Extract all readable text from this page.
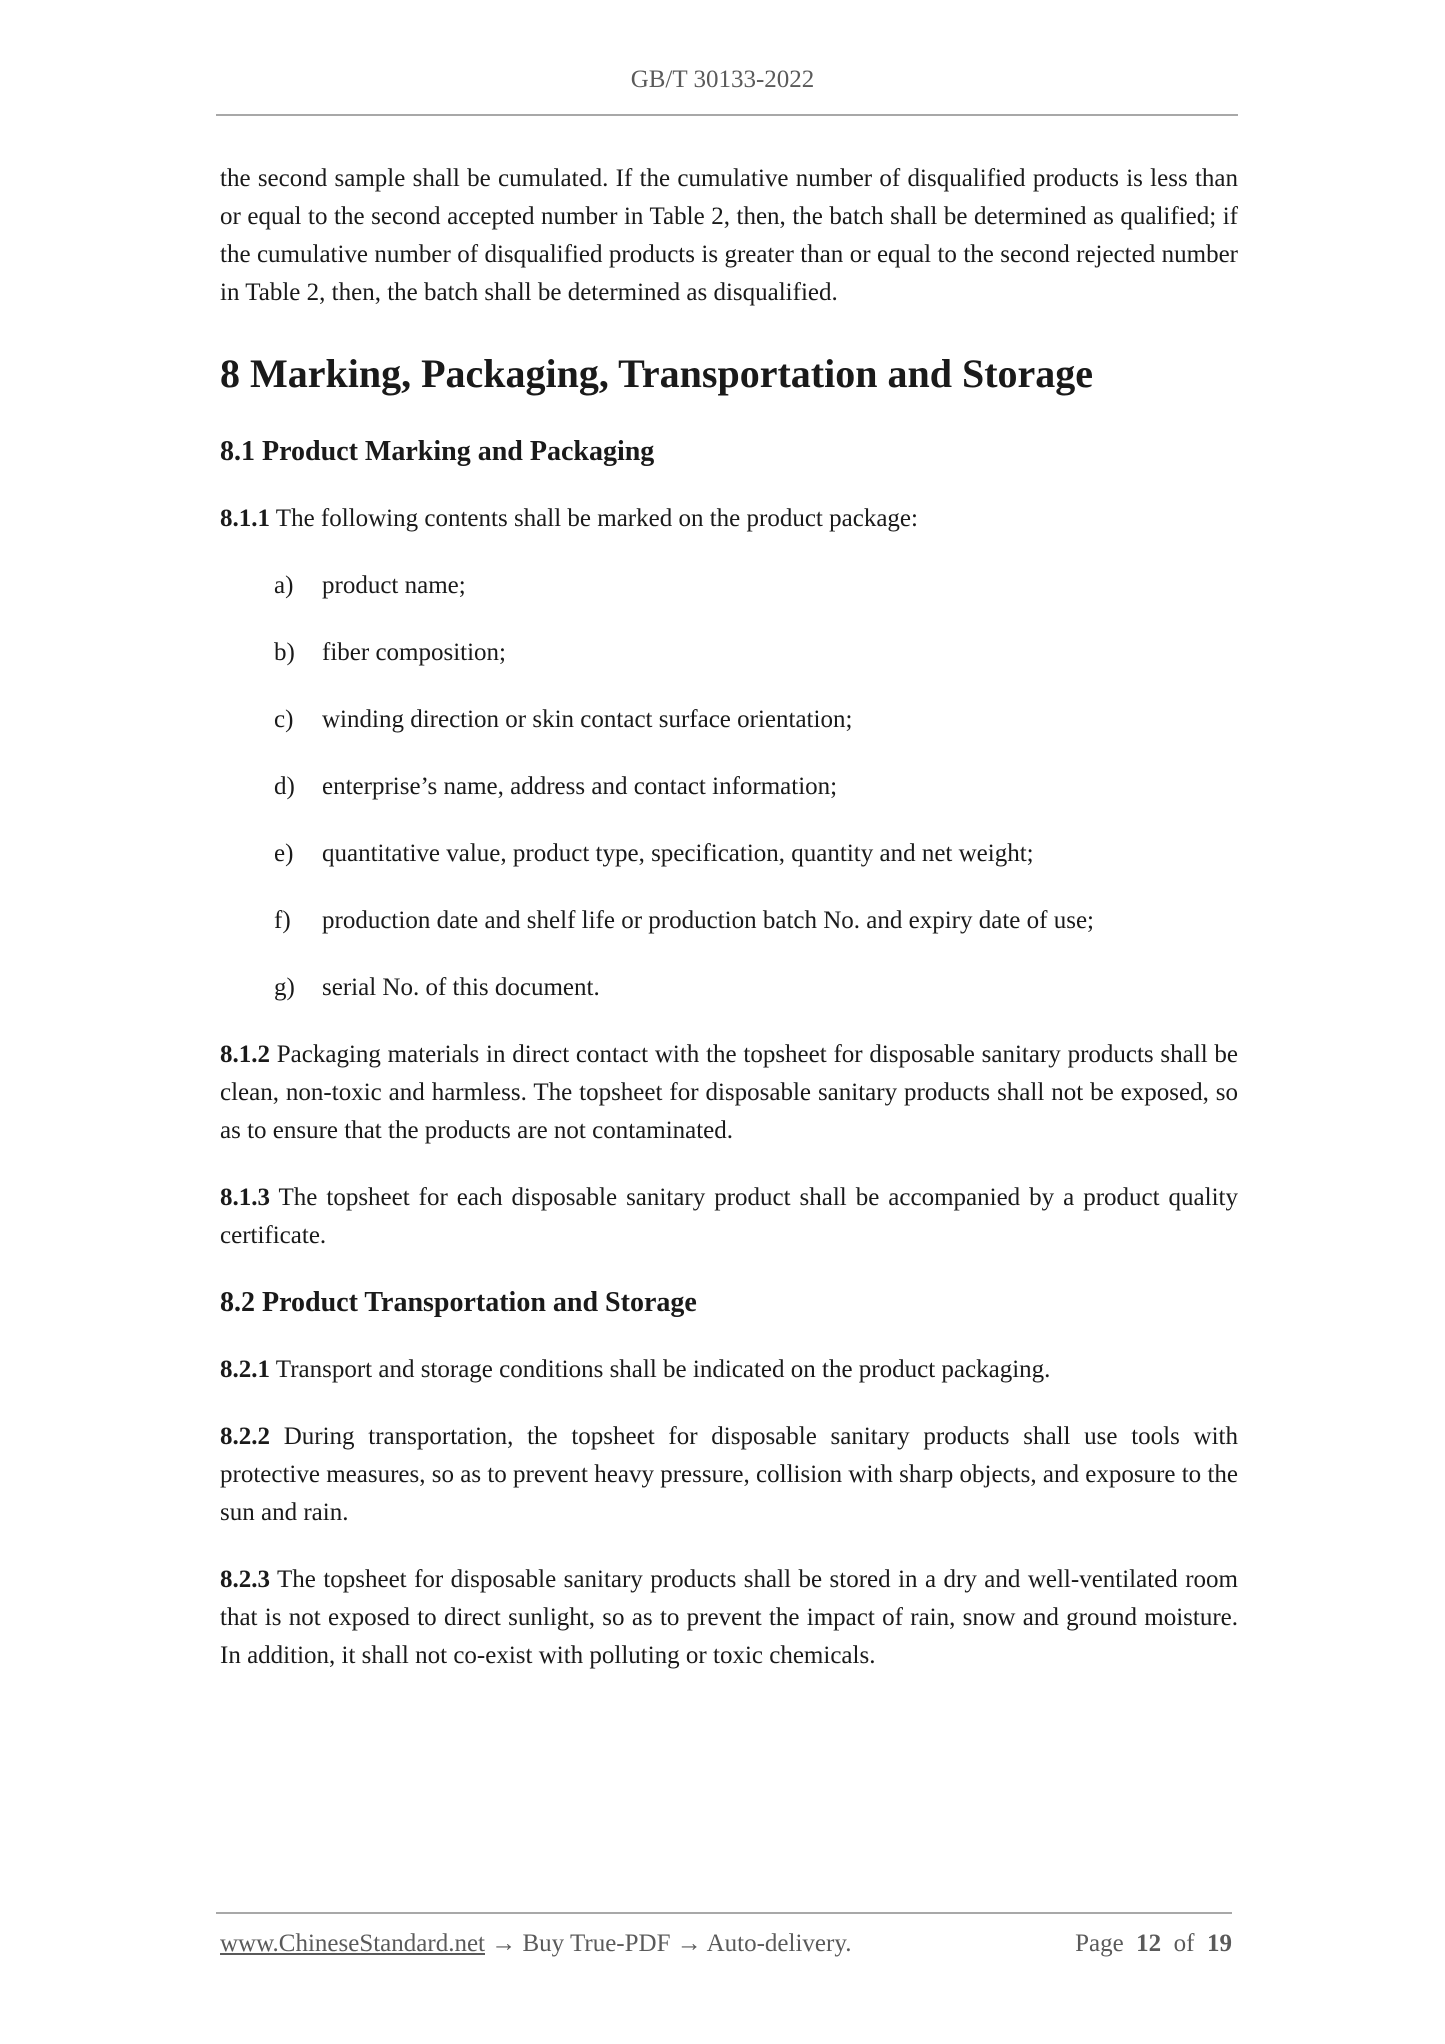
GB/T 30133-2022

the second sample shall be cumulated. If the cumulative number of disqualified products is less than or equal to the second accepted number in Table 2, then, the batch shall be determined as qualified; if the cumulative number of disqualified products is greater than or equal to the second rejected number in Table 2, then, the batch shall be determined as disqualified.

8 Marking, Packaging, Transportation and Storage
8.1 Product Marking and Packaging

8.1.1 The following contents shall be marked on the product package:

a)	product name;
b)	fiber composition;
c)	winding direction or skin contact surface orientation;
d)	enterprise’s name, address and contact information;
e)	quantitative value, product type, specification, quantity and net weight;
f)	production date and shelf life or production batch No. and expiry date of use;
g)	serial No. of this document.

8.1.2 Packaging materials in direct contact with the topsheet for disposable sanitary products shall be clean, non-toxic and harmless. The topsheet for disposable sanitary products shall not be exposed, so as to ensure that the products are not contaminated.

8.1.3 The topsheet for each disposable sanitary product shall be accompanied by a product quality certificate.

8.2 Product Transportation and Storage

8.2.1 Transport and storage conditions shall be indicated on the product packaging.

8.2.2 During transportation, the topsheet for disposable sanitary products shall use tools with protective measures, so as to prevent heavy pressure, collision with sharp objects, and exposure to the sun and rain.

8.2.3 The topsheet for disposable sanitary products shall be stored in a dry and well-ventilated room that is not exposed to direct sunlight, so as to prevent the impact of rain, snow and ground moisture. In addition, it shall not co-exist with polluting or toxic chemicals.

www.ChineseStandard.net → Buy True-PDF → Auto-delivery.	Page 12 of 19
